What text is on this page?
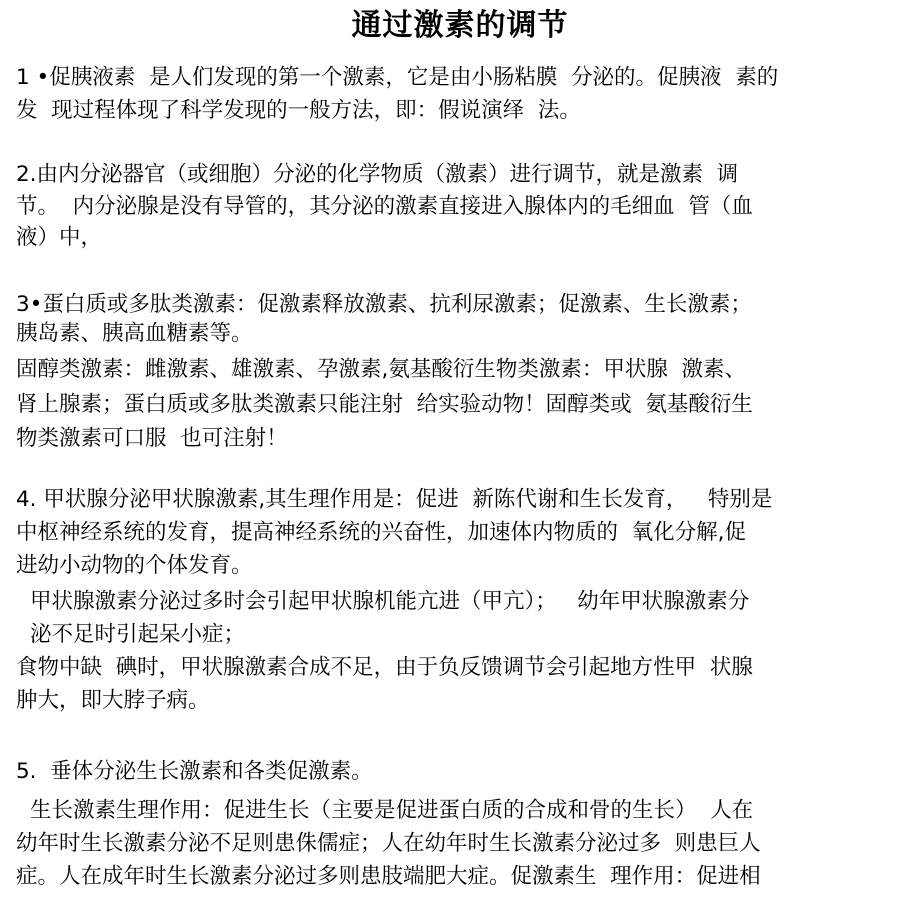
通过激素的调节
1 •促胰液素  是人们发现的第一个激素，它是由小肠粘膜  分泌的。促胰液  素的
发  现过程体现了科学发现的一般方法，即：假说演绎  法。
2.由内分泌器官（或细胞）分泌的化学物质（激素）进行调节，就是激素  调
节。  内分泌腺是没有导管的，其分泌的激素直接进入腺体内的毛细血  管（血
液）中，
3•蛋白质或多肽类激素：促激素释放激素、抗利尿激素；促激素、生长激素；
胰岛素、胰高血糖素等。
固醇类激素：雌激素、雄激素、孕激素,氨基酸衍生物类激素：甲状腺  激素、
肾上腺素；蛋白质或多肽类激素只能注射  给实验动物！固醇类或  氨基酸衍生
物类激素可口服  也可注射！
4. 甲状腺分泌甲状腺激素,其生理作用是：促进  新陈代谢和生长发育，   特别是
中枢神经系统的发育，提高神经系统的兴奋性，加速体内物质的  氧化分解,促
进幼小动物的个体发育。
甲状腺激素分泌过多时会引起甲状腺机能亢进（甲亢）；   幼年甲状腺激素分
泌不足时引起呆小症；
食物中缺  碘时，甲状腺激素合成不足，由于负反馈调节会引起地方性甲  状腺
肿大，即大脖子病。
5.  垂体分泌生长激素和各类促激素。
生长激素生理作用：促进生长（主要是促进蛋白质的合成和骨的生长）  人在
幼年时生长激素分泌不足则患侏儒症；人在幼年时生长激素分泌过多  则患巨人
症。人在成年时生长激素分泌过多则患肢端肥大症。促激素生  理作用：促进相
